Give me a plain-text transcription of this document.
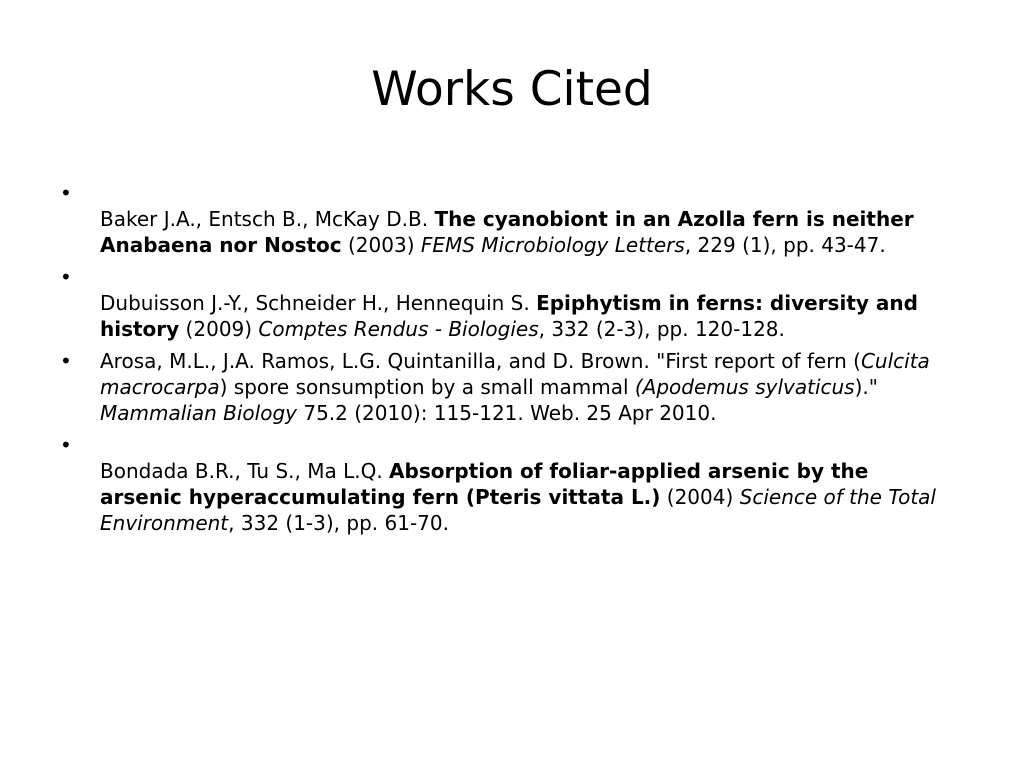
Works Cited
•
Baker J.A., Entsch B., McKay D.B. The cyanobiont in an Azolla fern is neither Anabaena nor Nostoc (2003) FEMS Microbiology Letters, 229 (1), pp. 43-47.
•
Dubuisson J.-Y., Schneider H., Hennequin S. Epiphytism in ferns: diversity and history (2009) Comptes Rendus - Biologies, 332 (2-3), pp. 120-128.
• Arosa, M.L., J.A. Ramos, L.G. Quintanilla, and D. Brown. "First report of fern (Culcita macrocarpa) spore sonsumption by a small mammal (Apodemus sylvaticus)." Mammalian Biology 75.2 (2010): 115-121. Web. 25 Apr 2010.
•
Bondada B.R., Tu S., Ma L.Q. Absorption of foliar-applied arsenic by the arsenic hyperaccumulating fern (Pteris vittata L.) (2004) Science of the Total Environment, 332 (1-3), pp. 61-70.
